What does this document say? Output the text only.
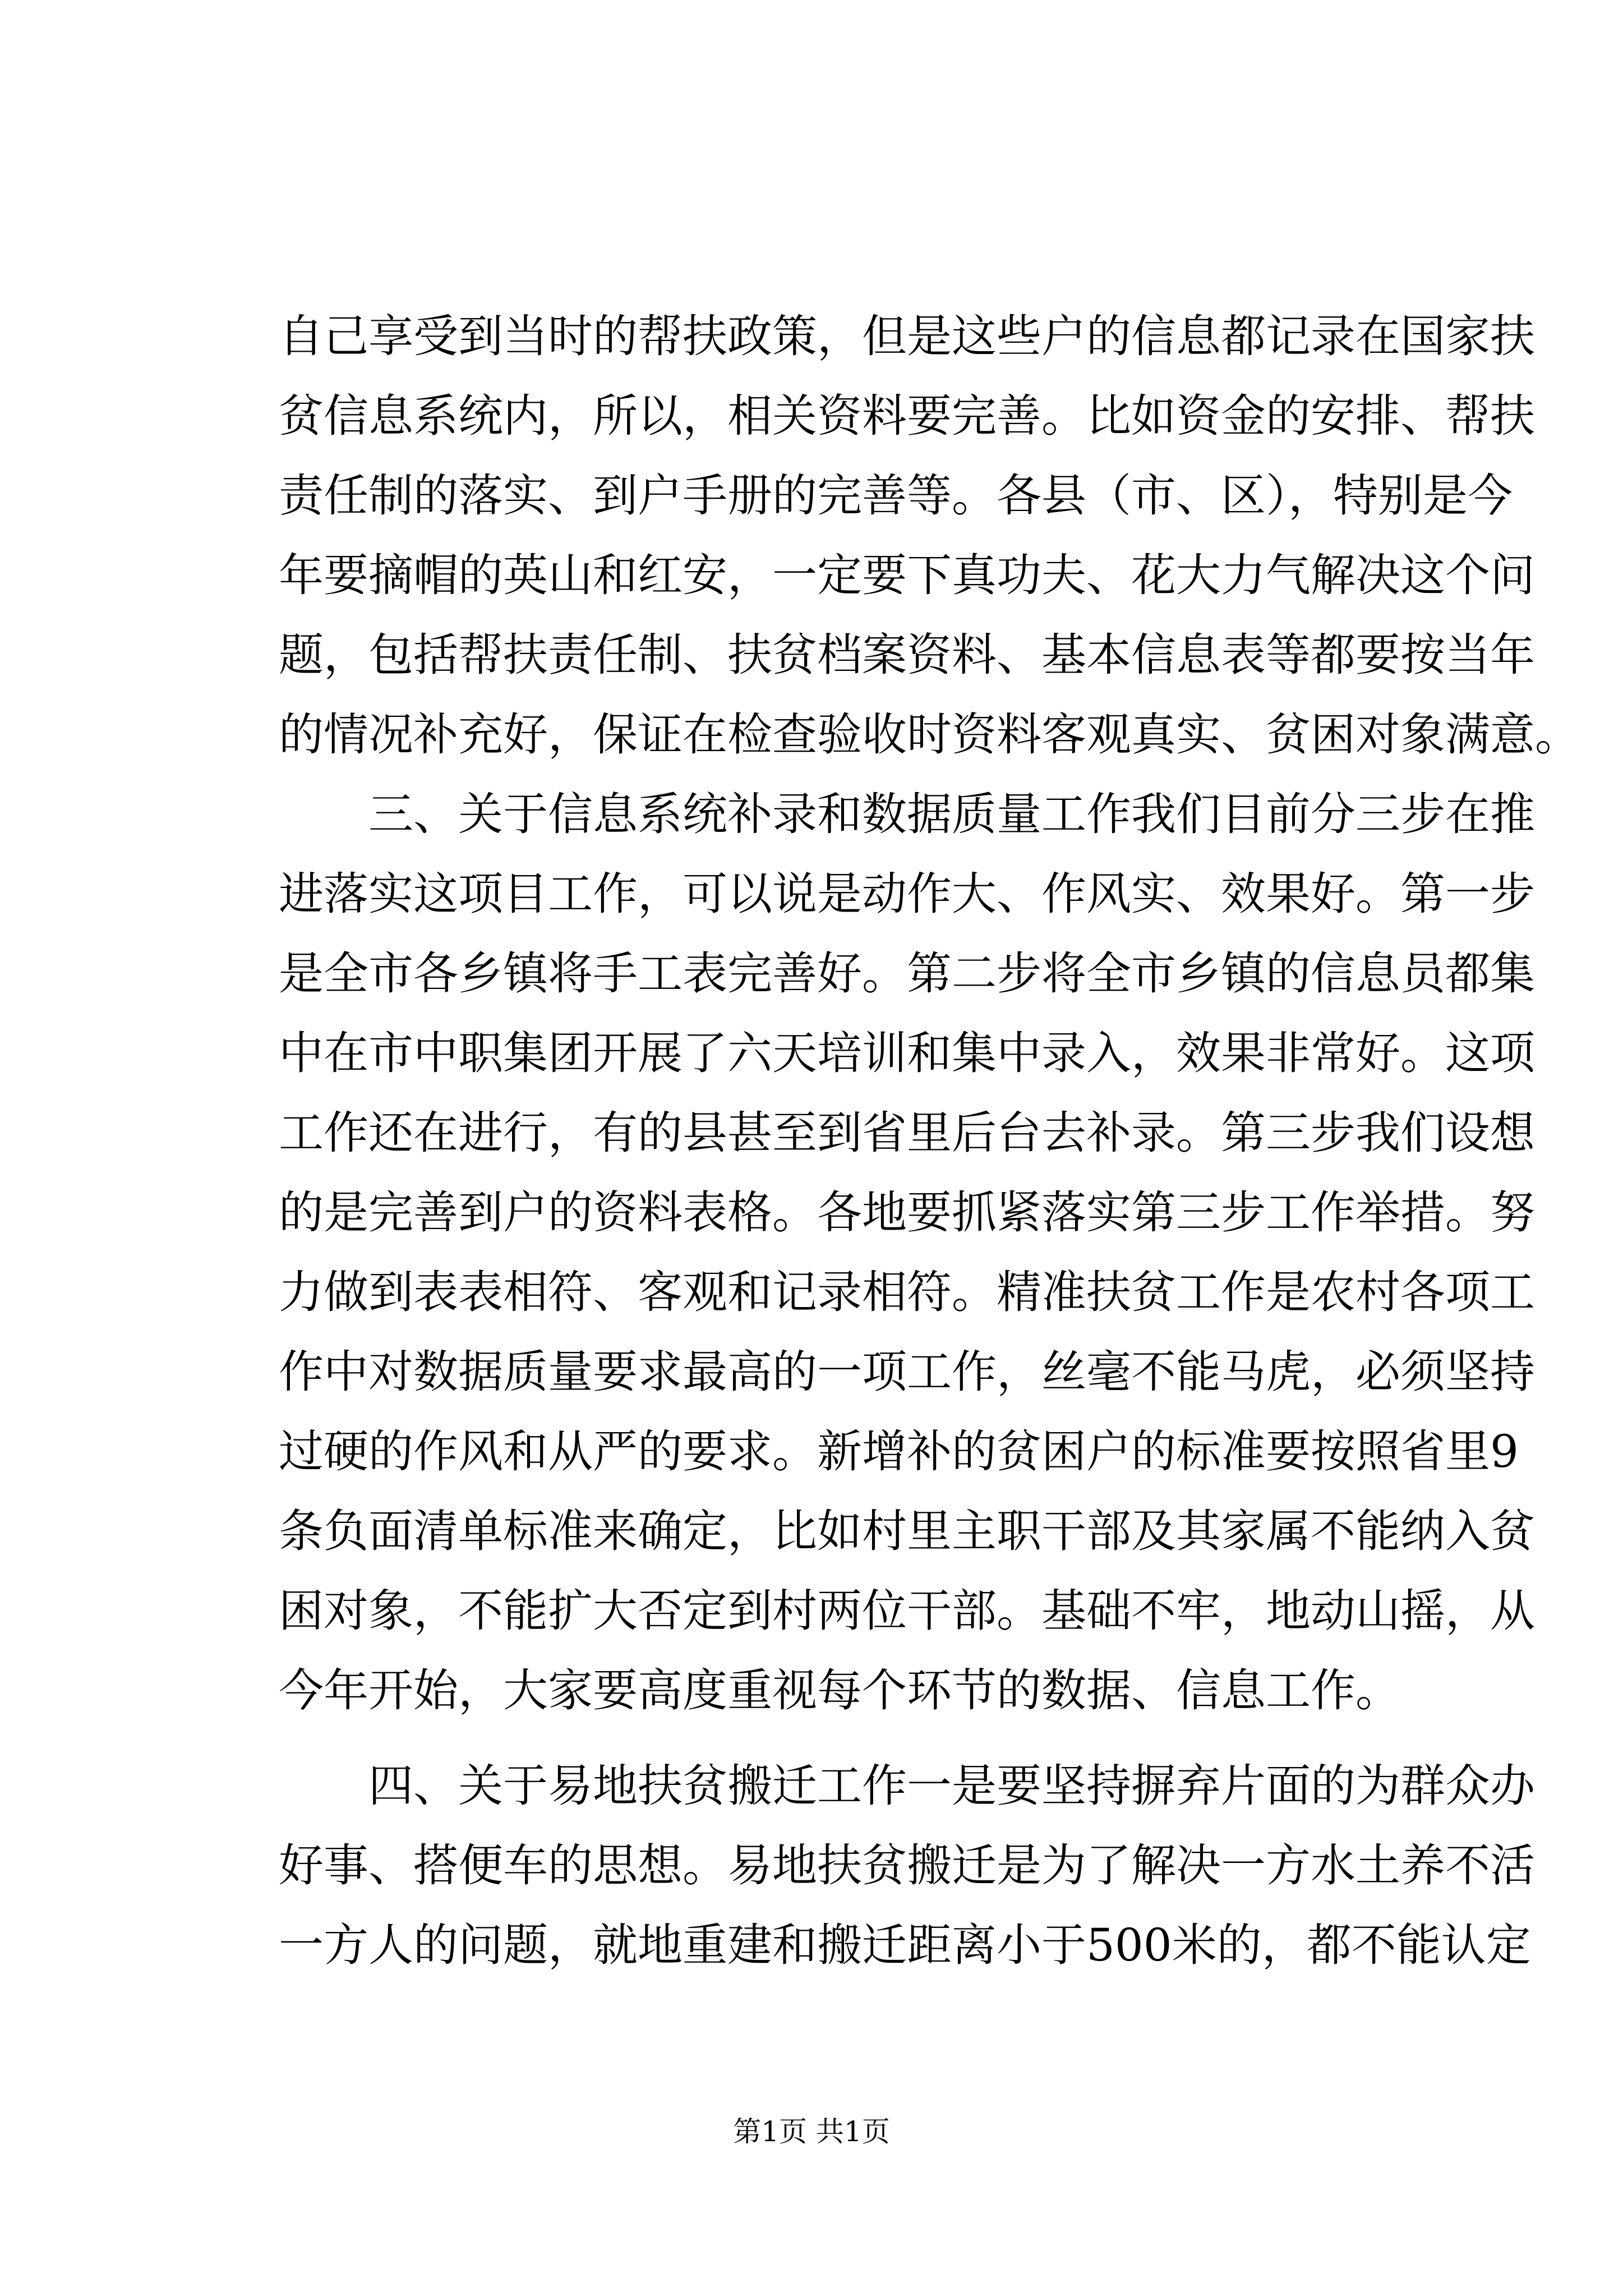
自己享受到当时的帮扶政策，但是这些户的信息都记录在国家扶
贫信息系统内，所以，相关资料要完善。比如资金的安排、帮扶
责任制的落实、到户手册的完善等。各县（市、区），特别是今
年要摘帽的英山和红安，一定要下真功夫、花大力气解决这个问
题，包括帮扶责任制、扶贫档案资料、基本信息表等都要按当年
的情况补充好，保证在检查验收时资料客观真实、贫困对象满意。
三、关于信息系统补录和数据质量工作我们目前分三步在推
进落实这项目工作，可以说是动作大、作风实、效果好。第一步
是全市各乡镇将手工表完善好。第二步将全市乡镇的信息员都集
中在市中职集团开展了六天培训和集中录入，效果非常好。这项
工作还在进行，有的县甚至到省里后台去补录。第三步我们设想
的是完善到户的资料表格。各地要抓紧落实第三步工作举措。努
力做到表表相符、客观和记录相符。精准扶贫工作是农村各项工
作中对数据质量要求最高的一项工作，丝毫不能马虎，必须坚持
过硬的作风和从严的要求。新增补的贫困户的标准要按照省里9
条负面清单标准来确定，比如村里主职干部及其家属不能纳入贫
困对象，不能扩大否定到村两位干部。基础不牢，地动山摇，从
今年开始，大家要高度重视每个环节的数据、信息工作。
四、关于易地扶贫搬迁工作一是要坚持摒弃片面的为群众办
好事、搭便车的思想。易地扶贫搬迁是为了解决一方水土养不活
一方人的问题，就地重建和搬迁距离小于500米的，都不能认定
第1页 共1页
